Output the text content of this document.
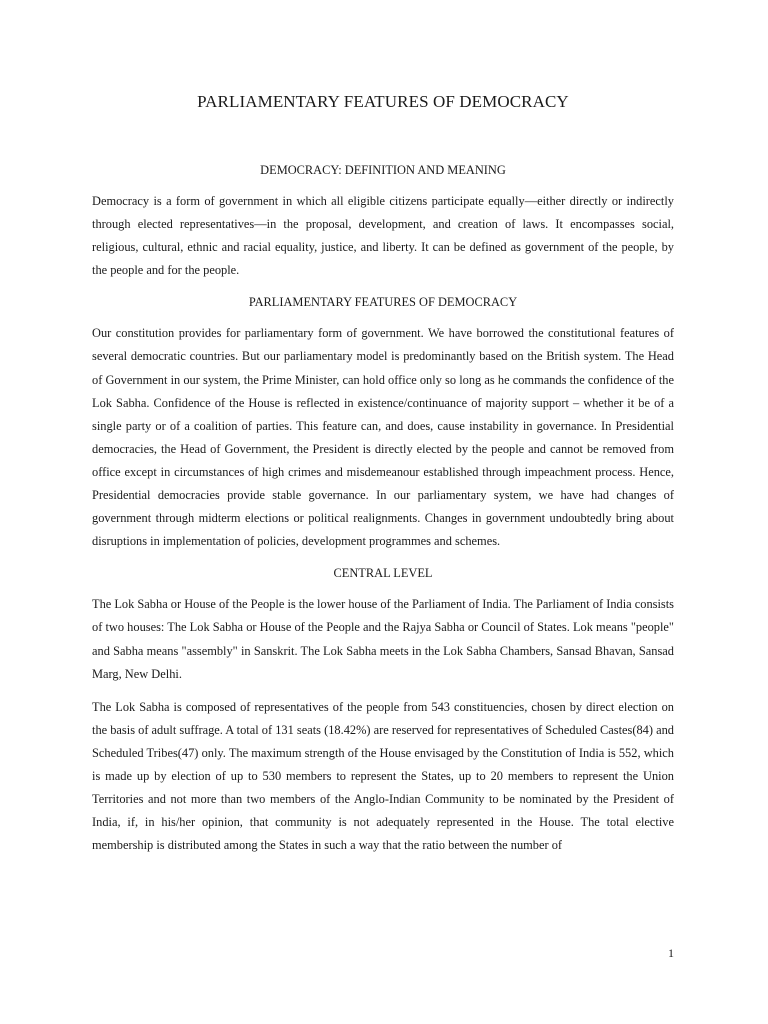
PARLIAMENTARY FEATURES OF DEMOCRACY
DEMOCRACY: DEFINITION AND MEANING

Democracy is a form of government in which all eligible citizens participate equally—either directly or indirectly through elected representatives—in the proposal, development, and creation of laws. It encompasses social, religious, cultural, ethnic and racial equality, justice, and liberty. It can be defined as government of the people, by the people and for the people.

PARLIAMENTARY FEATURES OF DEMOCRACY

Our constitution provides for parliamentary form of government. We have borrowed the constitutional features of several democratic countries. But our parliamentary model is predominantly based on the British system. The Head of Government in our system, the Prime Minister, can hold office only so long as he commands the confidence of the Lok Sabha. Confidence of the House is reflected in existence/continuance of majority support – whether it be of a single party or of a coalition of parties. This feature can, and does, cause instability in governance. In Presidential democracies, the Head of Government, the President is directly elected by the people and cannot be removed from office except in circumstances of high crimes and misdemeanour established through impeachment process. Hence, Presidential democracies provide stable governance. In our parliamentary system, we have had changes of government through midterm elections or political realignments. Changes in government undoubtedly bring about disruptions in implementation of policies, development programmes and schemes.

CENTRAL LEVEL

The Lok Sabha or House of the People is the lower house of the Parliament of India. The Parliament of India consists of two houses: The Lok Sabha or House of the People and the Rajya Sabha or Council of States. Lok means "people" and Sabha means "assembly" in Sanskrit. The Lok Sabha meets in the Lok Sabha Chambers, Sansad Bhavan, Sansad Marg, New Delhi.

The Lok Sabha is composed of representatives of the people from 543 constituencies, chosen by direct election on the basis of adult suffrage. A total of 131 seats (18.42%) are reserved for representatives of Scheduled Castes(84) and Scheduled Tribes(47) only. The maximum strength of the House envisaged by the Constitution of India is 552, which is made up by election of up to 530 members to represent the States, up to 20 members to represent the Union Territories and not more than two members of the Anglo-Indian Community to be nominated by the President of India, if, in his/her opinion, that community is not adequately represented in the House. The total elective membership is distributed among the States in such a way that the ratio between the number of

1
